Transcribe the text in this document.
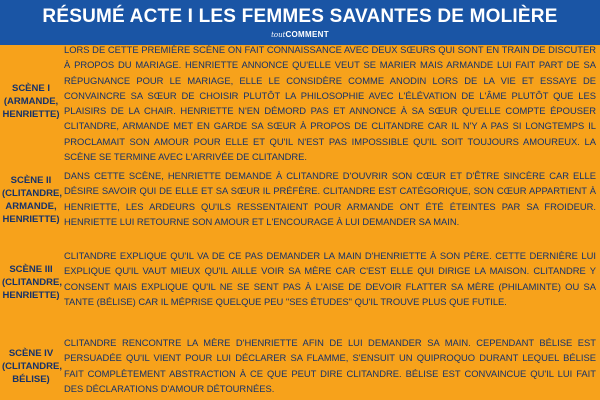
RÉSUMÉ ACTE I LES FEMMES SAVANTES DE MOLIÈRE
toutCOMMENT
SCÈNE I (ARMANDE, HENRIETTE)
LORS DE CETTE PREMIÈRE SCÈNE ON FAIT CONNAISSANCE AVEC DEUX SŒURS QUI SONT EN TRAIN DE DISCUTER À PROPOS DU MARIAGE. HENRIETTE ANNONCE QU'ELLE VEUT SE MARIER MAIS ARMANDE LUI FAIT PART DE SA RÉPUGNANCE POUR LE MARIAGE, ELLE LE CONSIDÈRE COMME ANODIN LORS DE LA VIE ET ESSAYE DE CONVAINCRE SA SŒUR DE CHOISIR PLUTÔT LA PHILOSOPHIE AVEC L'ÉLÉVATION DE L'ÂME PLUTÔT QUE LES PLAISIRS DE LA CHAIR. HENRIETTE N'EN DÉMORD PAS ET ANNONCE À SA SŒUR QU'ELLE COMPTE ÉPOUSER CLITANDRE, ARMANDE MET EN GARDE SA SŒUR À PROPOS DE CLITANDRE CAR IL N'Y A PAS SI LONGTEMPS IL PROCLAMAIT SON AMOUR POUR ELLE ET QU'IL N'EST PAS IMPOSSIBLE QU'IL SOIT TOUJOURS AMOUREUX. LA SCÈNE SE TERMINE AVEC L'ARRIVÉE DE CLITANDRE.
SCÈNE II (CLITANDRE, ARMANDE, HENRIETTE)
DANS CETTE SCÈNE, HENRIETTE DEMANDE À CLITANDRE D'OUVRIR SON CŒUR ET D'ÊTRE SINCÈRE CAR ELLE DÉSIRE SAVOIR QUI DE ELLE ET SA SŒUR IL PRÉFÈRE. CLITANDRE EST CATÉGORIQUE, SON CŒUR APPARTIENT À HENRIETTE, LES ARDEURS QU'ILS RESSENTAIENT POUR ARMANDE ONT ÉTÉ ÉTEINTES PAR SA FROIDEUR. HENRIETTE LUI RETOURNE SON AMOUR ET L'ENCOURAGE À LUI DEMANDER SA MAIN.
SCÈNE III (CLITANDRE, HENRIETTE)
CLITANDRE EXPLIQUE QU'IL VA DE CE PAS DEMANDER LA MAIN D'HENRIETTE À SON PÈRE. CETTE DERNIÈRE LUI EXPLIQUE QU'IL VAUT MIEUX QU'IL AILLE VOIR SA MÈRE CAR C'EST ELLE QUI DIRIGE LA MAISON. CLITANDRE Y CONSENT MAIS EXPLIQUE QU'IL NE SE SENT PAS À L'AISE DE DEVOIR FLATTER SA MÈRE (PHILAMINTE) OU SA TANTE (BÉLISE) CAR IL MÉPRISE QUELQUE PEU "SES ÉTUDES" QU'IL TROUVE PLUS QUE FUTILE.
SCÈNE IV (CLITANDRE, BÉLISE)
CLITANDRE RENCONTRE LA MÈRE D'HENRIETTE AFIN DE LUI DEMANDER SA MAIN. CEPENDANT BÉLISE EST PERSUADÉE QU'IL VIENT POUR LUI DÉCLARER SA FLAMME, S'ENSUIT UN QUIPROQUO DURANT LEQUEL BÉLISE FAIT COMPLÈTEMENT ABSTRACTION À CE QUE PEUT DIRE CLITANDRE. BÉLISE EST CONVAINCUE QU'IL LUI FAIT DES DÉCLARATIONS D'AMOUR DÉTOURNÉES.
